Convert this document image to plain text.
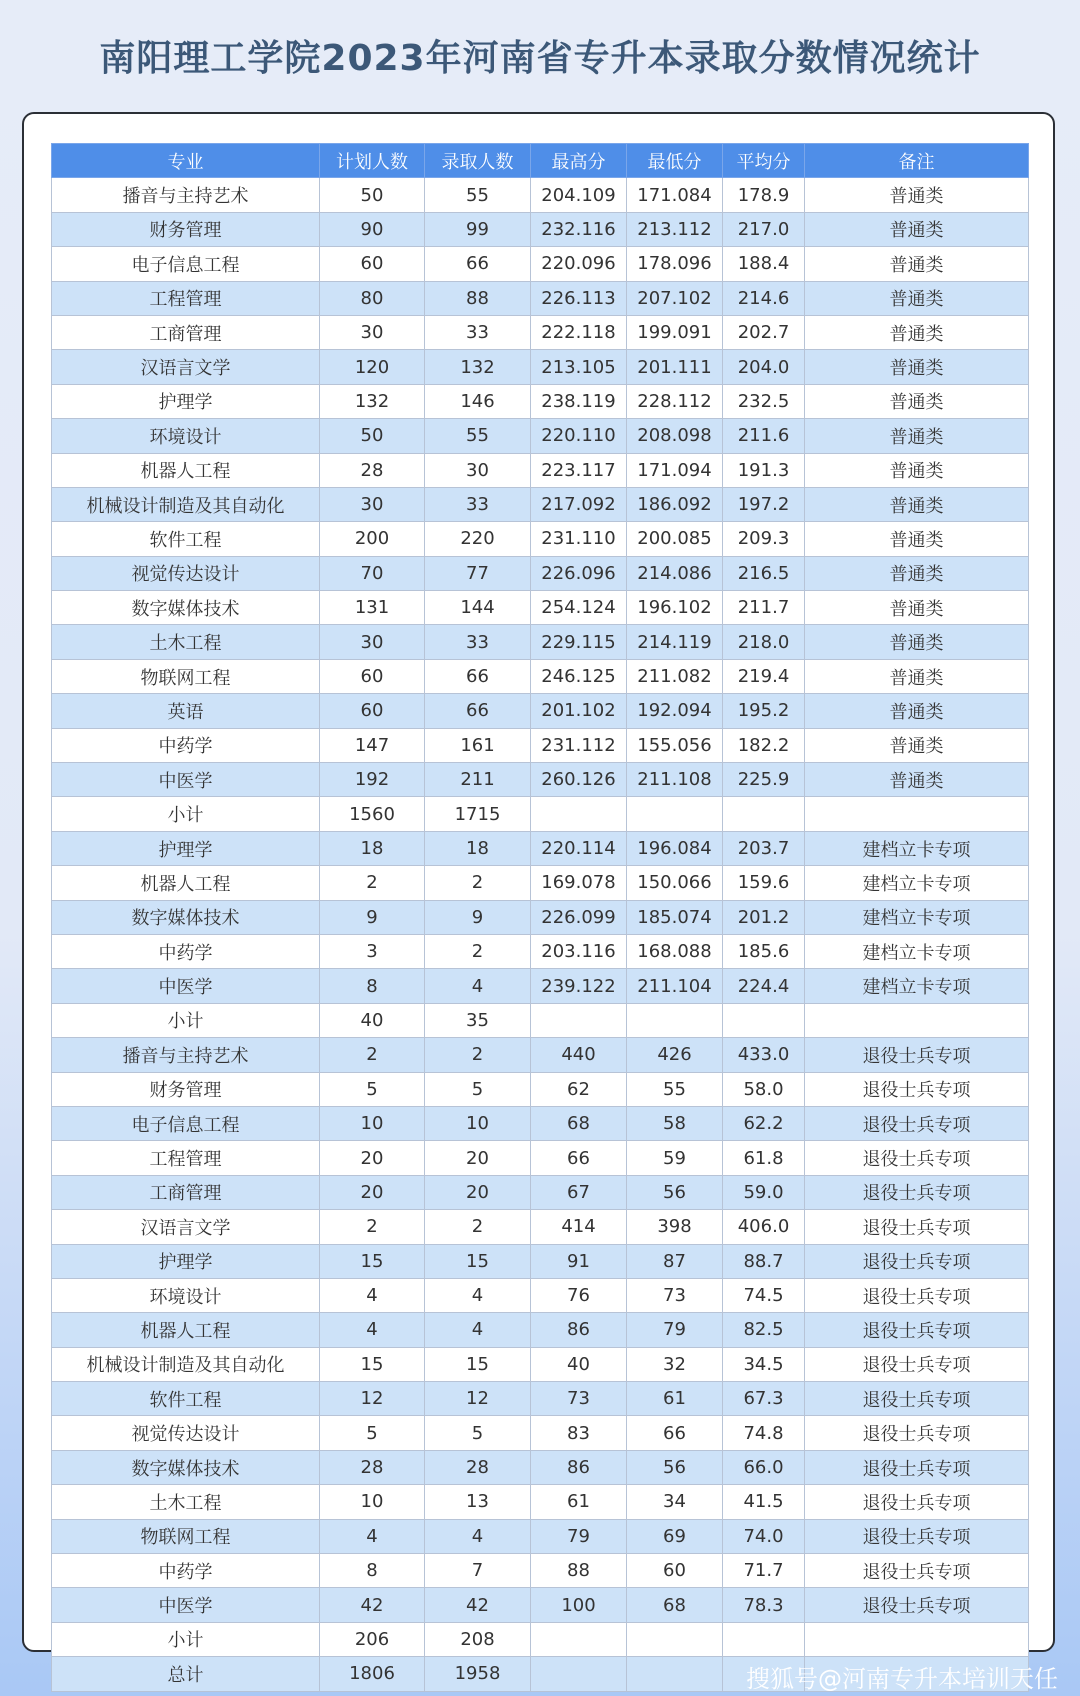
南阳理工学院2023年河南省专升本录取分数情况统计
专业	计划人数	录取人数	最高分	最低分	平均分	备注
播音与主持艺术	50	55	204.109	171.084	178.9	普通类
财务管理	90	99	232.116	213.112	217.0	普通类
电子信息工程	60	66	220.096	178.096	188.4	普通类
工程管理	80	88	226.113	207.102	214.6	普通类
工商管理	30	33	222.118	199.091	202.7	普通类
汉语言文学	120	132	213.105	201.111	204.0	普通类
护理学	132	146	238.119	228.112	232.5	普通类
环境设计	50	55	220.110	208.098	211.6	普通类
机器人工程	28	30	223.117	171.094	191.3	普通类
机械设计制造及其自动化	30	33	217.092	186.092	197.2	普通类
软件工程	200	220	231.110	200.085	209.3	普通类
视觉传达设计	70	77	226.096	214.086	216.5	普通类
数字媒体技术	131	144	254.124	196.102	211.7	普通类
土木工程	30	33	229.115	214.119	218.0	普通类
物联网工程	60	66	246.125	211.082	219.4	普通类
英语	60	66	201.102	192.094	195.2	普通类
中药学	147	161	231.112	155.056	182.2	普通类
中医学	192	211	260.126	211.108	225.9	普通类
小计	1560	1715				
护理学	18	18	220.114	196.084	203.7	建档立卡专项
机器人工程	2	2	169.078	150.066	159.6	建档立卡专项
数字媒体技术	9	9	226.099	185.074	201.2	建档立卡专项
中药学	3	2	203.116	168.088	185.6	建档立卡专项
中医学	8	4	239.122	211.104	224.4	建档立卡专项
小计	40	35				
播音与主持艺术	2	2	440	426	433.0	退役士兵专项
财务管理	5	5	62	55	58.0	退役士兵专项
电子信息工程	10	10	68	58	62.2	退役士兵专项
工程管理	20	20	66	59	61.8	退役士兵专项
工商管理	20	20	67	56	59.0	退役士兵专项
汉语言文学	2	2	414	398	406.0	退役士兵专项
护理学	15	15	91	87	88.7	退役士兵专项
环境设计	4	4	76	73	74.5	退役士兵专项
机器人工程	4	4	86	79	82.5	退役士兵专项
机械设计制造及其自动化	15	15	40	32	34.5	退役士兵专项
软件工程	12	12	73	61	67.3	退役士兵专项
视觉传达设计	5	5	83	66	74.8	退役士兵专项
数字媒体技术	28	28	86	56	66.0	退役士兵专项
土木工程	10	13	61	34	41.5	退役士兵专项
物联网工程	4	4	79	69	74.0	退役士兵专项
中药学	8	7	88	60	71.7	退役士兵专项
中医学	42	42	100	68	78.3	退役士兵专项
小计	206	208				
总计	1806	1958					搜狐号@河南专升本培训天任
